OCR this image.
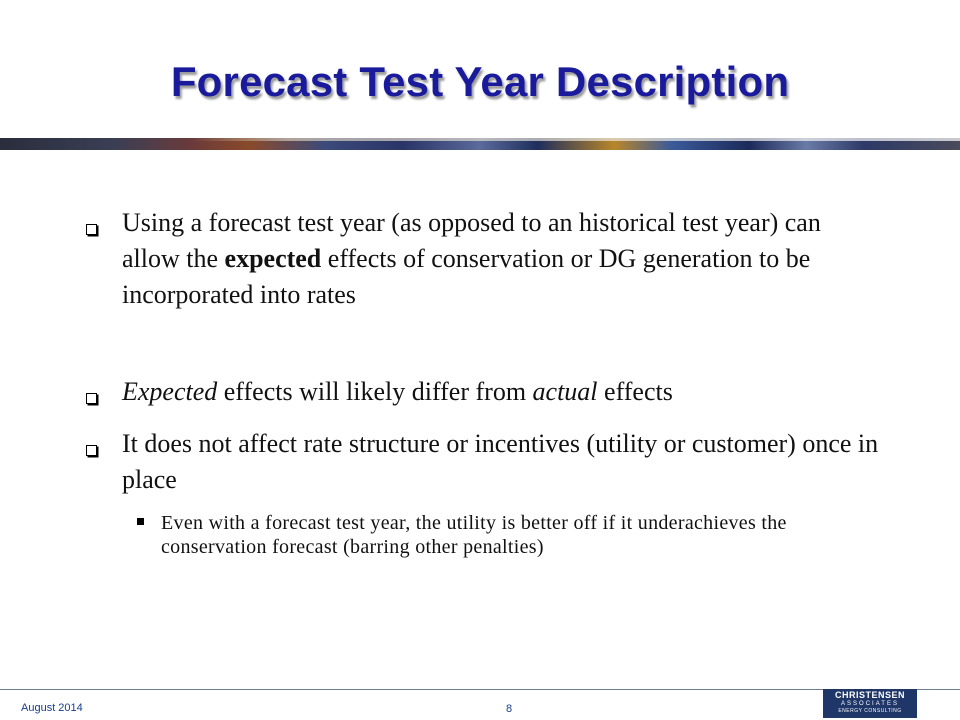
Forecast Test Year Description
Using a forecast test year (as opposed to an historical test year) can allow the expected effects of conservation or DG generation to be incorporated into rates
Expected effects will likely differ from actual effects
It does not affect rate structure or incentives (utility or customer) once in place
Even with a forecast test year, the utility is better off if it underachieves the conservation forecast (barring other penalties)
August 2014	8
CHRISTENSEN
ASSOCIATES
ENERGY CONSULTING
